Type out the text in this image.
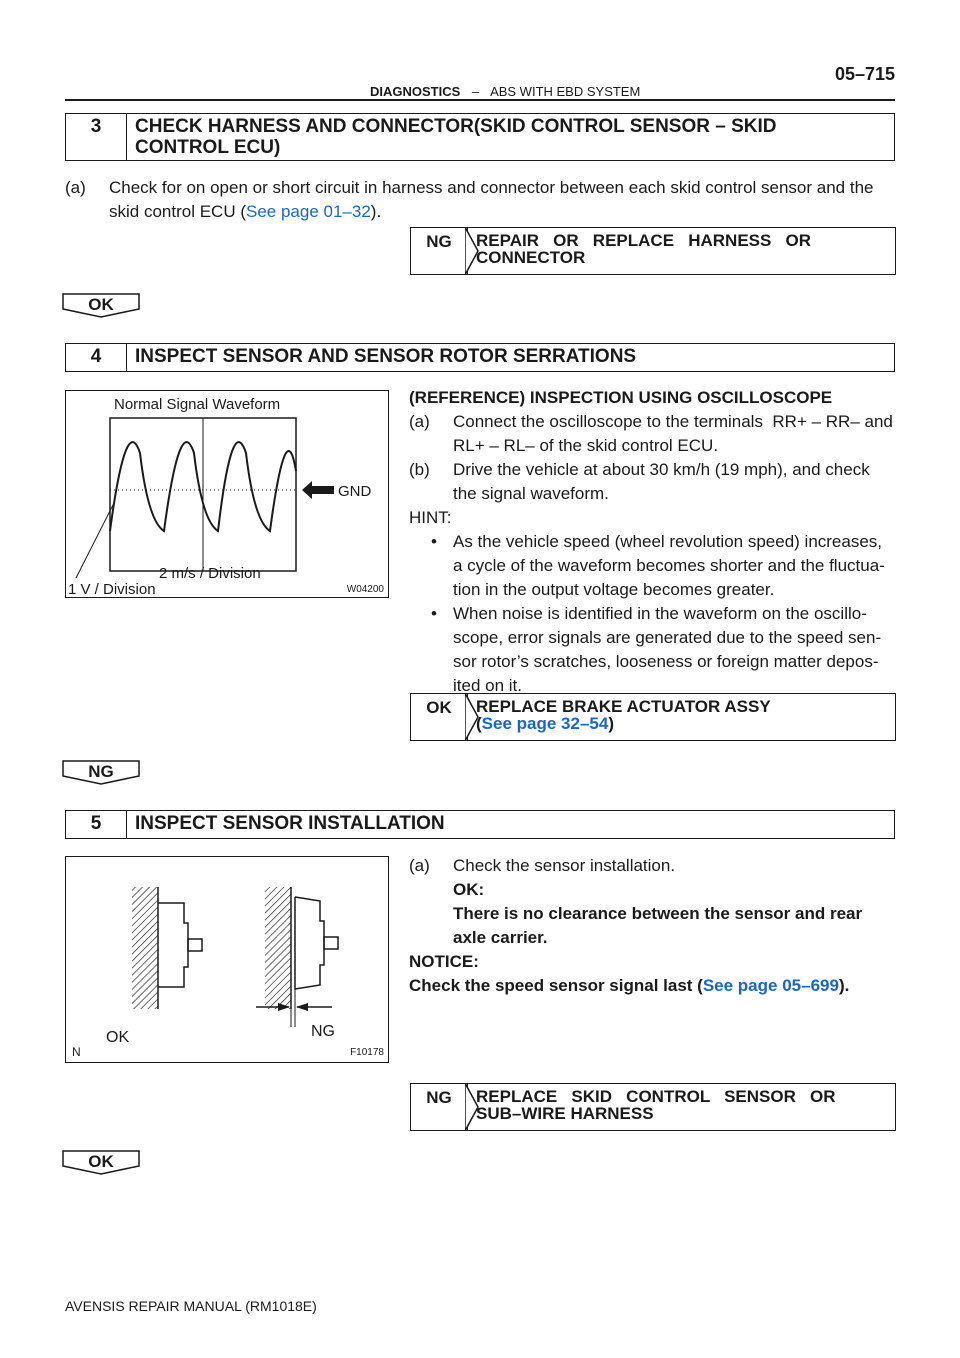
05–715
DIAGNOSTICS – ABS WITH EBD SYSTEM
3	CHECK HARNESS AND CONNECTOR(SKID CONTROL SENSOR – SKID
CONTROL ECU)
(a) Check for on open or short circuit in harness and connector between each skid control sensor and the
skid control ECU (See page 01–32).
NG REPAIR   OR   REPLACE   HARNESS   OR
CONNECTOR
OK
4	INSPECT SENSOR AND SENSOR ROTOR SERRATIONS
Normal Signal Waveform
GND
2 m/s / Division
1 V / Division	W04200
(REFERENCE) INSPECTION USING OSCILLOSCOPE
(a) Connect the oscilloscope to the terminals  RR+ – RR– and
RL+ – RL– of the skid control ECU.
(b) Drive the vehicle at about 30 km/h (19 mph), and check
the signal waveform.
HINT:
• As the vehicle speed (wheel revolution speed) increases,
a cycle of the waveform becomes shorter and the fluctua-
tion in the output voltage becomes greater.
• When noise is identified in the waveform on the oscillo-
scope, error signals are generated due to the speed sen-
sor rotor’s scratches, looseness or foreign matter depos-
ited on it.
OK REPLACE BRAKE ACTUATOR ASSY
(See page 32–54)
NG
5	INSPECT SENSOR INSTALLATION
OK	NG
N	F10178
(a)	Check the sensor installation.
OK:
There is no clearance between the sensor and rear
axle carrier.
NOTICE:
Check the speed sensor signal last (See page 05–699).
NG REPLACE   SKID   CONTROL   SENSOR   OR
SUB–WIRE HARNESS
OK
AVENSIS REPAIR MANUAL (RM1018E)
